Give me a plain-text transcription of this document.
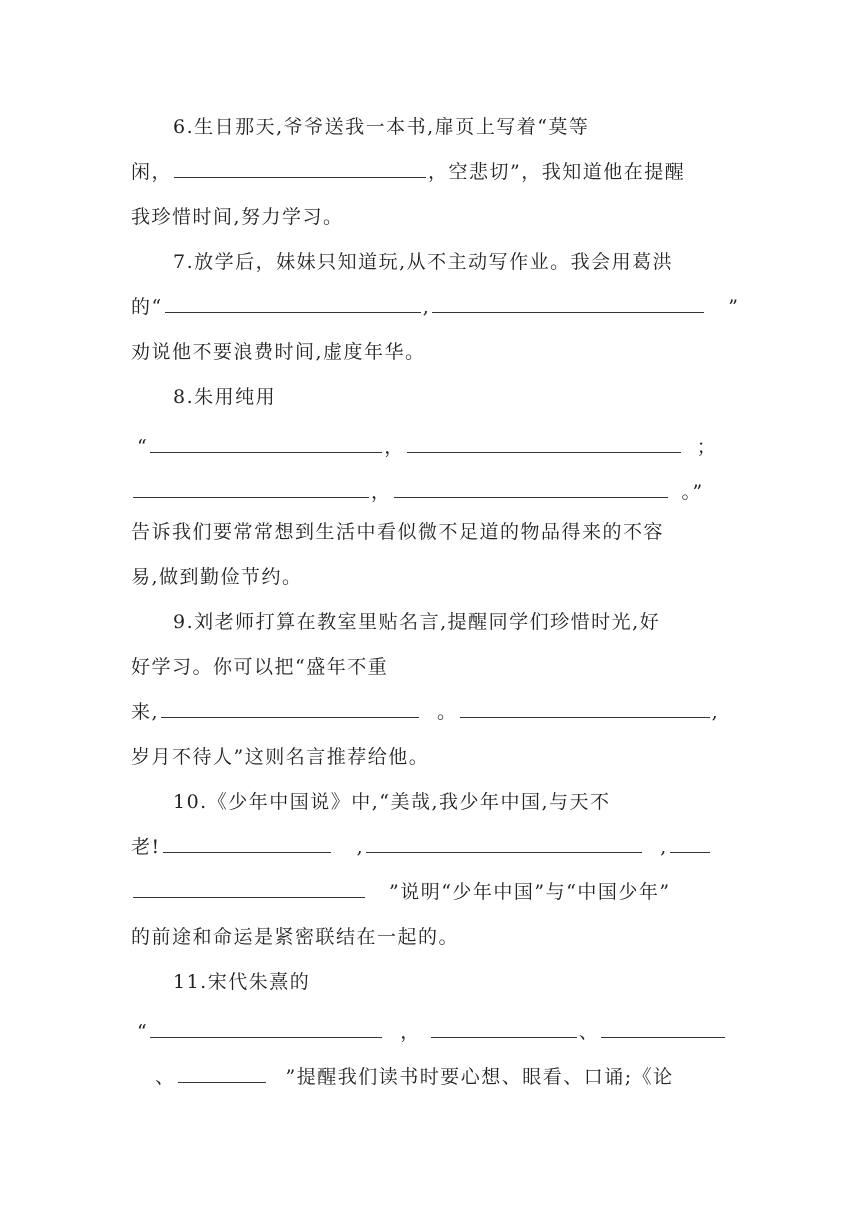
6.生日那天,爷爷送我一本书,扉页上写着“莫等
闲，	，空悲切”，我知道他在提醒
我珍惜时间,努力学习。
7.放学后，妹妹只知道玩,从不主动写作业。我会用葛洪
的“	,	”
劝说他不要浪费时间,虚度年华。
8.朱用纯用
“	，	；
，	。”
告诉我们要常常想到生活中看似微不足道的物品得来的不容
易,做到勤俭节约。
9.刘老师打算在教室里贴名言,提醒同学们珍惜时光,好
好学习。你可以把“盛年不重
来,	。	,
岁月不待人”这则名言推荐给他。
10.《少年中国说》中,“美哉,我少年中国,与天不
老!	,	,
”说明“少年中国”与“中国少年”
的前途和命运是紧密联结在一起的。
11.宋代朱熹的
“	，	、
、	”提醒我们读书时要心想、眼看、口诵;《论
